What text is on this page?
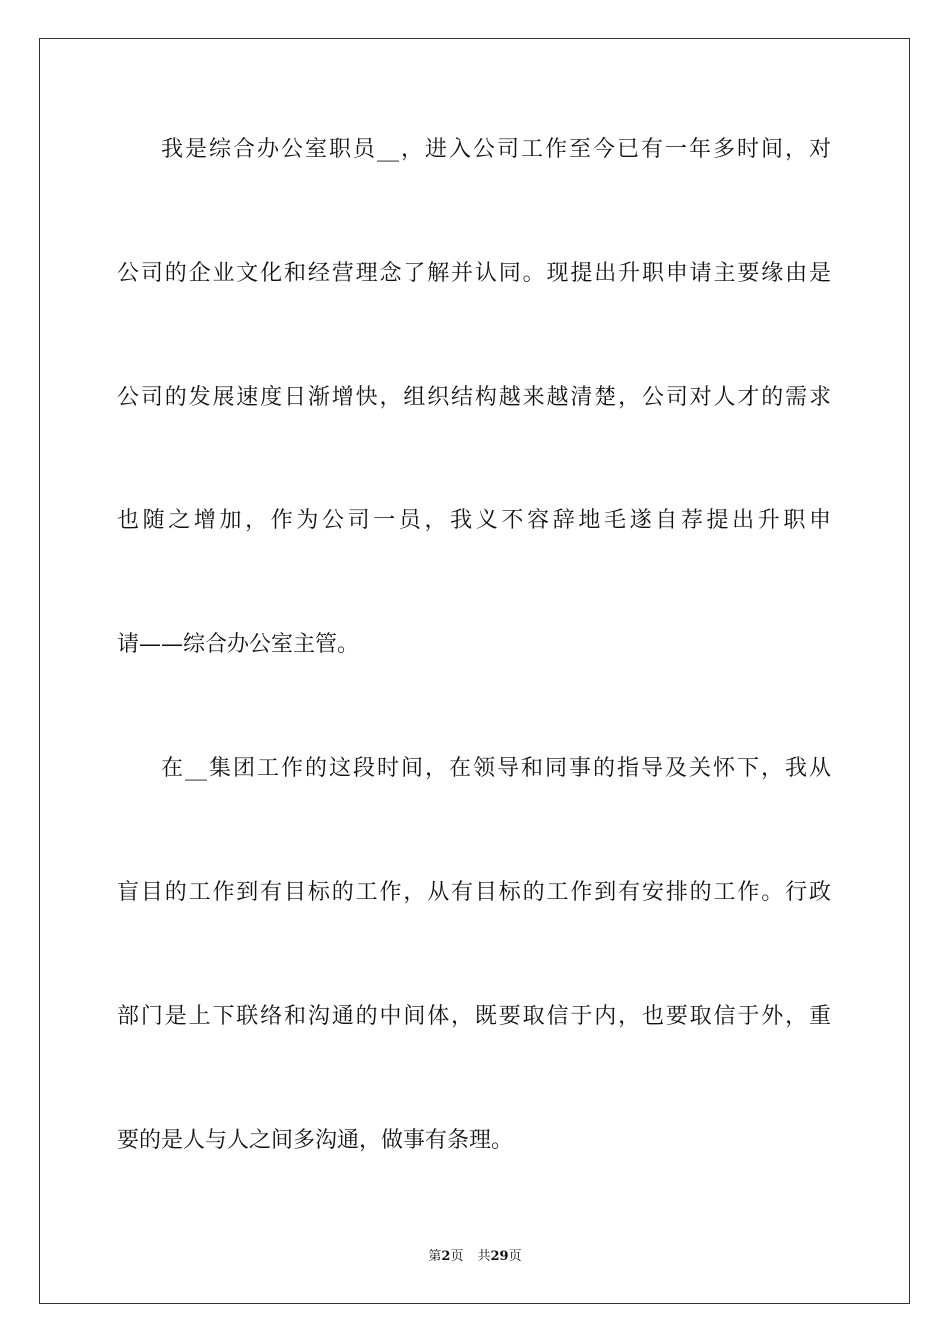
我是综合办公室职员__，进入公司工作至今已有一年多时间，对
公司的企业文化和经营理念了解并认同。现提出升职申请主要缘由是
公司的发展速度日渐增快，组织结构越来越清楚，公司对人才的需求
也随之增加，作为公司一员，我义不容辞地毛遂自荐提出升职申
请——综合办公室主管。
在__集团工作的这段时间，在领导和同事的指导及关怀下，我从
盲目的工作到有目标的工作，从有目标的工作到有安排的工作。行政
部门是上下联络和沟通的中间体，既要取信于内，也要取信于外，重
要的是人与人之间多沟通，做事有条理。
第2页 共29页
